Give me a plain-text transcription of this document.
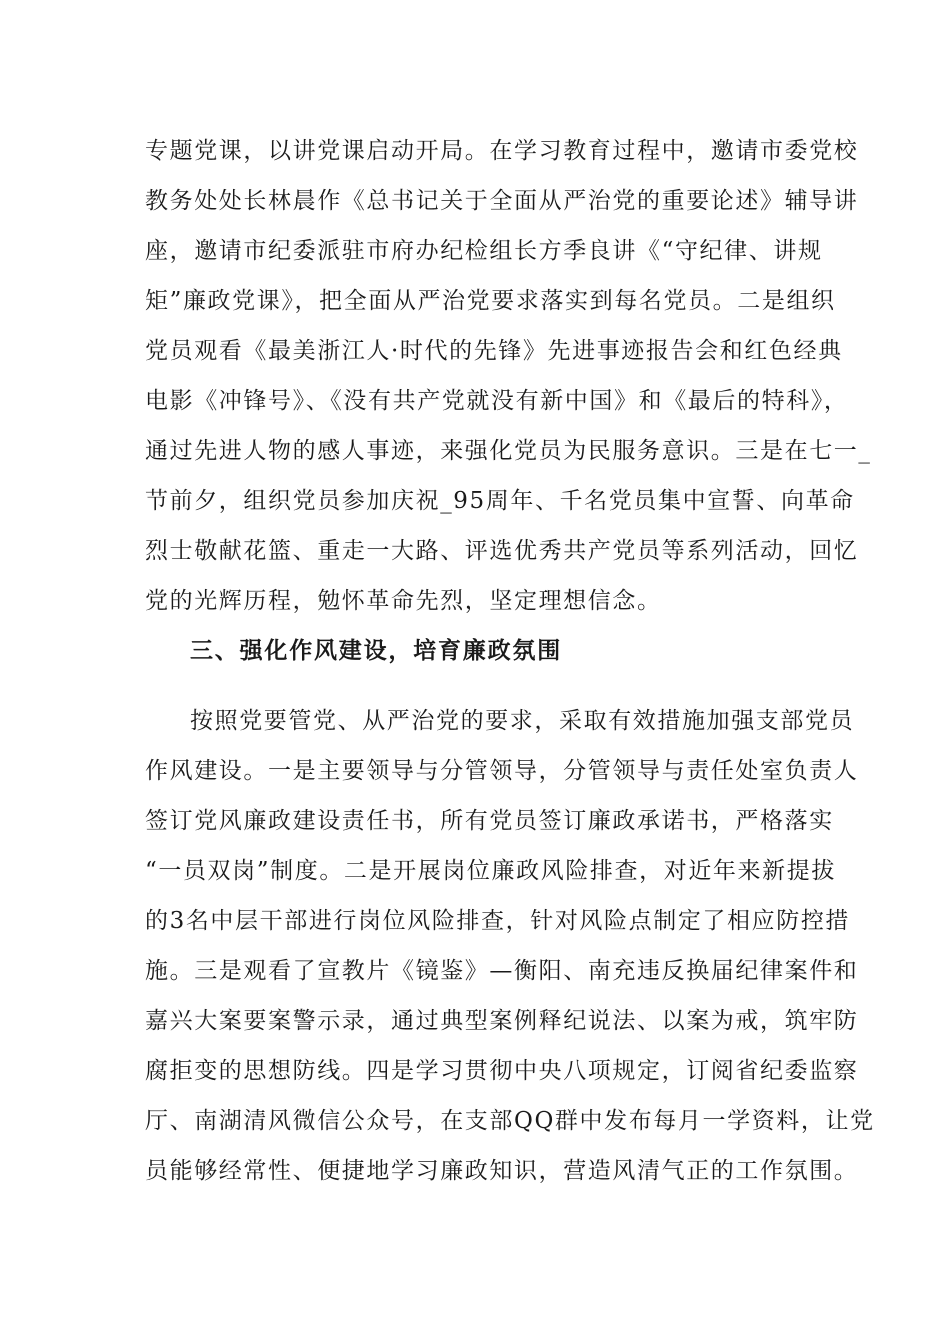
专题党课，以讲党课启动开局。在学习教育过程中，邀请市委党校
教务处处长林晨作《总书记关于全面从严治党的重要论述》辅导讲
座，邀请市纪委派驻市府办纪检组长方季良讲《“守纪律、讲规
矩”廉政党课》，把全面从严治党要求落实到每名党员。二是组织
党员观看《最美浙江人·时代的先锋》先进事迹报告会和红色经典
电影《冲锋号》、《没有共产党就没有新中国》和《最后的特科》，
通过先进人物的感人事迹，来强化党员为民服务意识。三是在七一_
节前夕，组织党员参加庆祝_95周年、千名党员集中宣誓、向革命
烈士敬献花篮、重走一大路、评选优秀共产党员等系列活动，回忆
党的光辉历程，勉怀革命先烈，坚定理想信念。
三、强化作风建设，培育廉政氛围
按照党要管党、从严治党的要求，采取有效措施加强支部党员
作风建设。一是主要领导与分管领导，分管领导与责任处室负责人
签订党风廉政建设责任书，所有党员签订廉政承诺书，严格落实
“一员双岗”制度。二是开展岗位廉政风险排查，对近年来新提拔
的3名中层干部进行岗位风险排查，针对风险点制定了相应防控措
施。三是观看了宣教片《镜鉴》—衡阳、南充违反换届纪律案件和
嘉兴大案要案警示录，通过典型案例释纪说法、以案为戒，筑牢防
腐拒变的思想防线。四是学习贯彻中央八项规定，订阅省纪委监察
厅、南湖清风微信公众号，在支部QQ群中发布每月一学资料，让党
员能够经常性、便捷地学习廉政知识，营造风清气正的工作氛围。
